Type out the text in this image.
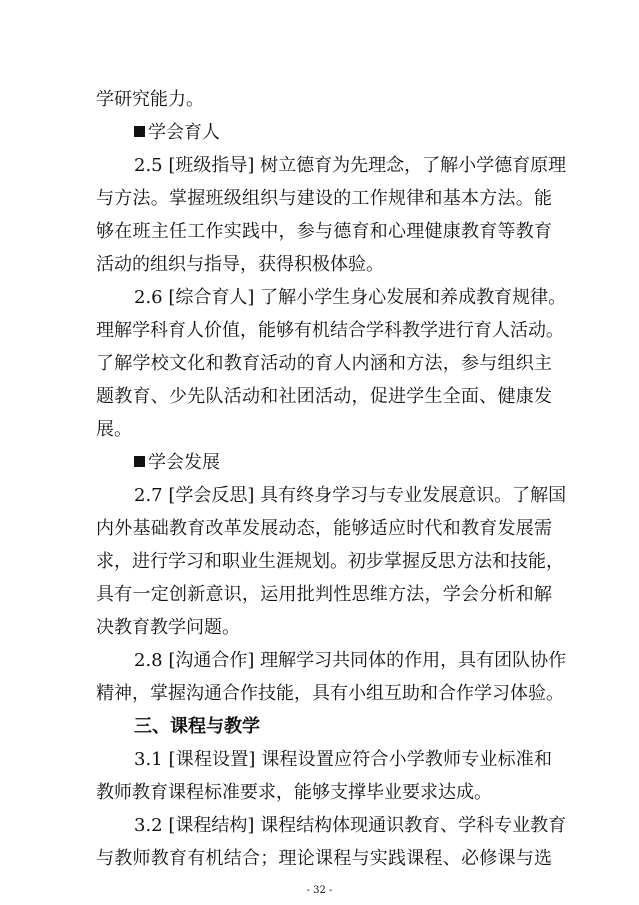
学研究能力。
学会育人
2.5 [班级指导] 树立德育为先理念，了解小学德育原理
与方法。掌握班级组织与建设的工作规律和基本方法。能
够在班主任工作实践中，参与德育和心理健康教育等教育
活动的组织与指导，获得积极体验。
2.6 [综合育人] 了解小学生身心发展和养成教育规律。
理解学科育人价值，能够有机结合学科教学进行育人活动。
了解学校文化和教育活动的育人内涵和方法，参与组织主
题教育、少先队活动和社团活动，促进学生全面、健康发
展。
学会发展
2.7 [学会反思] 具有终身学习与专业发展意识。了解国
内外基础教育改革发展动态，能够适应时代和教育发展需
求，进行学习和职业生涯规划。初步掌握反思方法和技能，
具有一定创新意识，运用批判性思维方法，学会分析和解
决教育教学问题。
2.8 [沟通合作] 理解学习共同体的作用，具有团队协作
精神，掌握沟通合作技能，具有小组互助和合作学习体验。
三、课程与教学
3.1 [课程设置] 课程设置应符合小学教师专业标准和
教师教育课程标准要求，能够支撑毕业要求达成。
3.2 [课程结构] 课程结构体现通识教育、学科专业教育
与教师教育有机结合；理论课程与实践课程、必修课与选
- 32 -
